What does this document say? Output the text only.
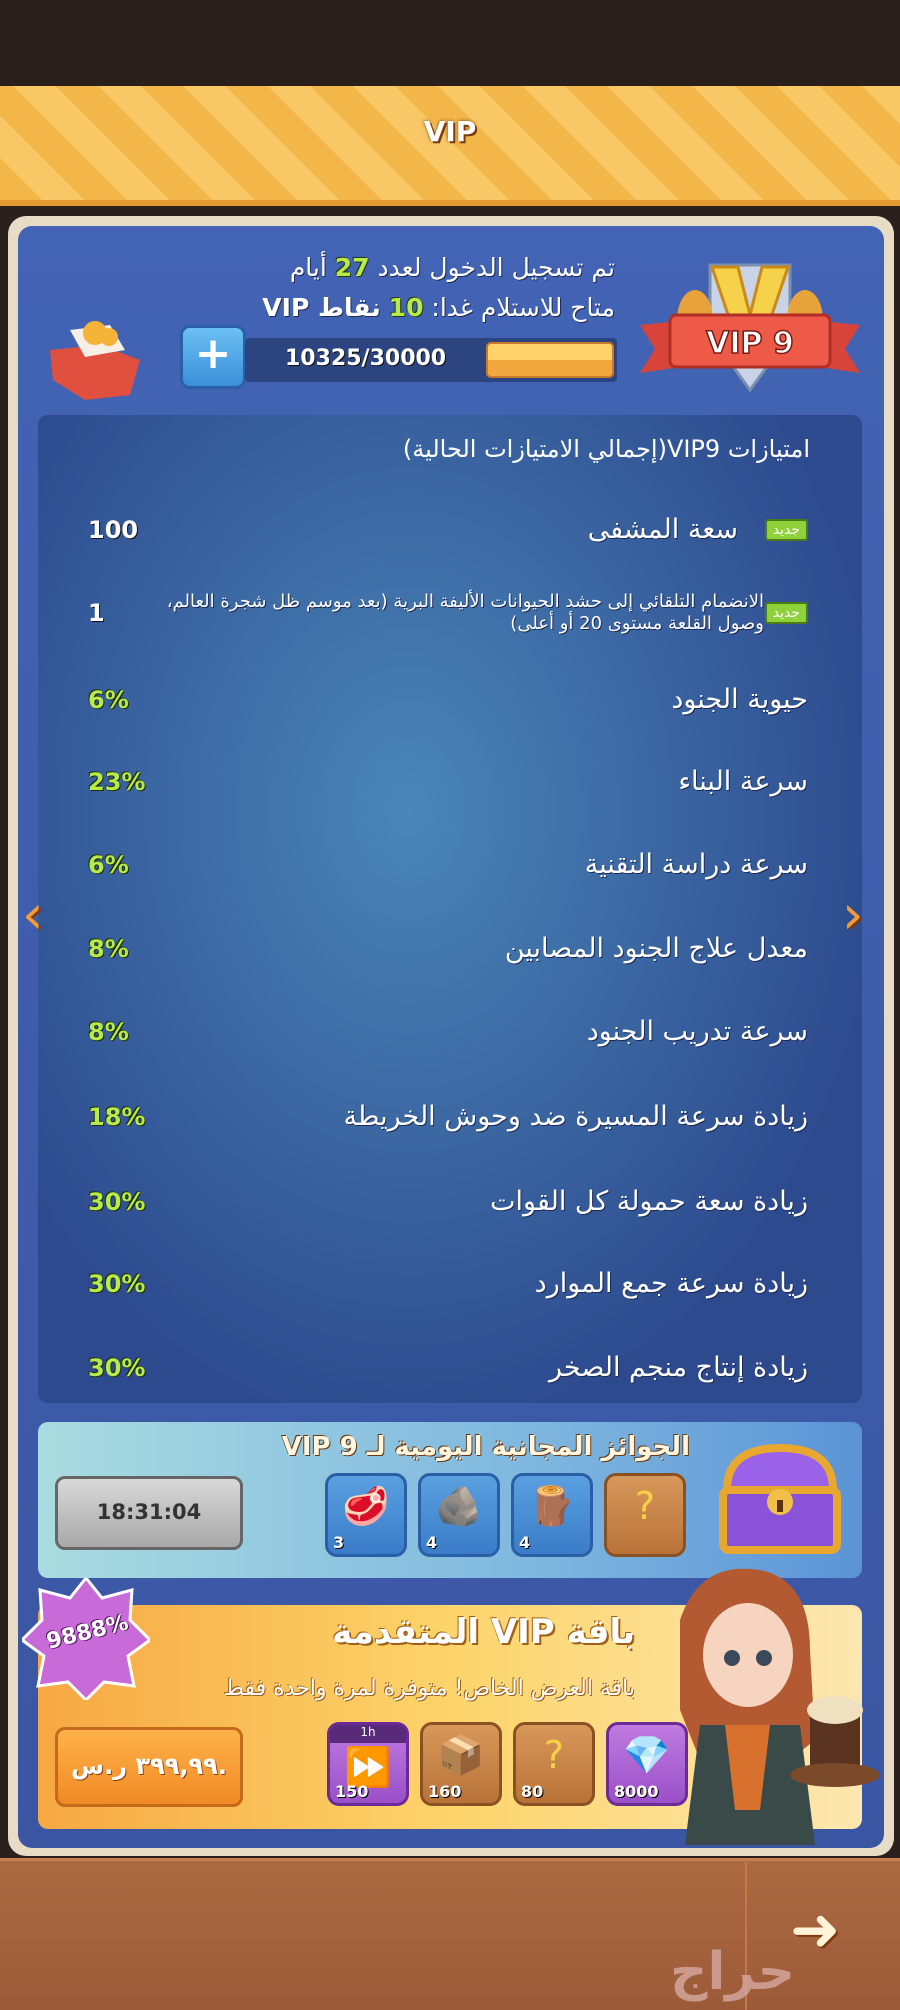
VIP
تم تسجيل الدخول لعدد 27 أيام
متاح للاستلام غدا: 10 نقاط VIP
VIP 9
+	10325/30000
امتيازات VIP9(إجمالي الامتيازات الحالية)
جديد
سعة المشفى
100
جديد
الانضمام التلقائي إلى حشد الحيوانات الأليفة البرية (بعد موسم ظل شجرة العالم، وصول القلعة مستوى 20 أو أعلى)
1
حيوية الجنود
6%
سرعة البناء
23%
سرعة دراسة التقنية
6%
معدل علاج الجنود المصابين
8%
سرعة تدريب الجنود
8%
زيادة سرعة المسيرة ضد وحوش الخريطة
18%
زيادة سعة حمولة كل القوات
30%
زيادة سرعة جمع الموارد
30%
زيادة إنتاج منجم الصخر
30%
‹	›
الجوائز المجانية اليومية لـ VIP 9
18:31:04	🥩
3
🪨
4
🪵
4
?
9888%	باقة VIP المتقدمة
باقة العرض الخاص! متوفرة لمرة واحدة فقط
٣٩٩,٩٩ ر.س.
1h
⏩
150
📦
160
?
80
💎
8000
➜
حراج
